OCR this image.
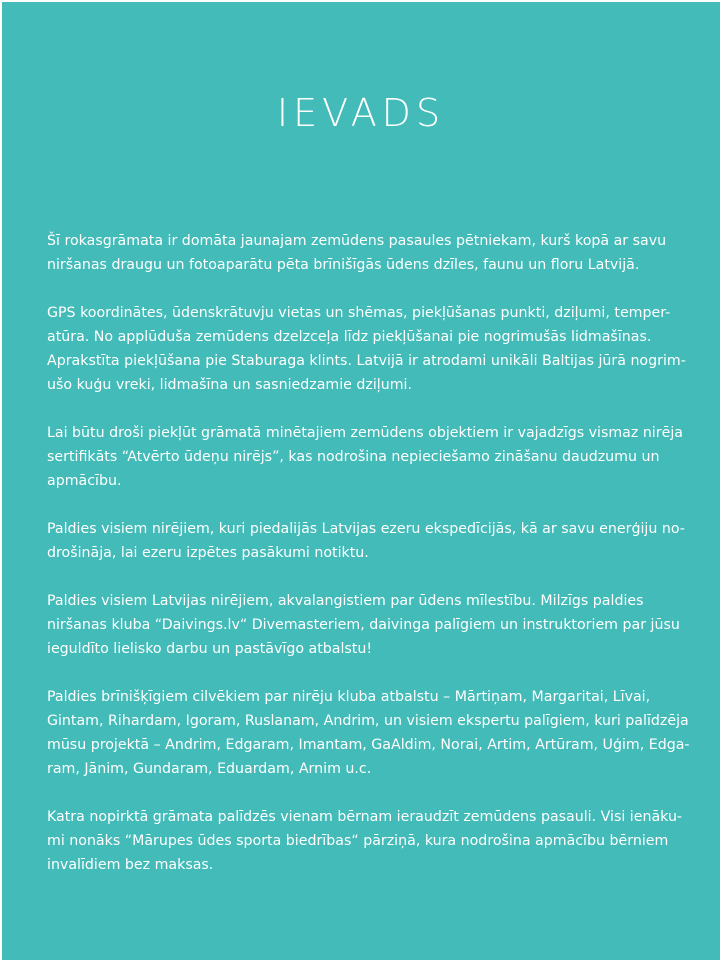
IEVADS

Šī rokasgrāmata ir domāta jaunajam zemūdens pasaules pētniekam, kurš kopā ar savu
niršanas draugu un fotoaparātu pēta brīnišīgās ūdens dzīles, faunu un floru Latvijā.

GPS koordinātes, ūdenskrātuvju vietas un shēmas, piekļūšanas punkti, dziļumi, temper-
atūra. No applūduša zemūdens dzelzceļa līdz piekļūšanai pie nogrimušās lidmašīnas.
Aprakstīta piekļūšana pie Staburaga klints. Latvijā ir atrodami unikāli Baltijas jūrā nogrim-
ušo kuģu vreki, lidmašīna un sasniedzamie dziļumi.

Lai būtu droši piekļūt grāmatā minētajiem zemūdens objektiem ir vajadzīgs vismaz nirēja
sertifikāts “Atvērto ūdeņu nirējs”, kas nodrošina nepieciešamo zināšanu daudzumu un
apmācību.

Paldies visiem nirējiem, kuri piedalijās Latvijas ezeru ekspedīcijās, kā ar savu enerģiju no-
drošināja, lai ezeru izpētes pasākumi notiktu.

Paldies visiem Latvijas nirējiem, akvalangistiem par ūdens mīlestību. Milzīgs paldies
niršanas kluba “Daivings.lv“ Divemasteriem, daivinga palīgiem un instruktoriem par jūsu
ieguldīto lielisko darbu un pastāvīgo atbalstu!

Paldies brīnišķīgiem cilvēkiem par nirēju kluba atbalstu – Mārtiņam, Margaritai, Līvai,
Gintam, Rihardam, Igoram, Ruslanam, Andrim, un visiem ekspertu palīgiem, kuri palīdzēja
mūsu projektā – Andrim, Edgaram, Imantam, GaAldim, Norai, Artim, Artūram, Uģim, Edga-
ram, Jānim, Gundaram, Eduardam, Arnim u.c.

Katra nopirktā grāmata palīdzēs vienam bērnam ieraudzīt zemūdens pasauli. Visi ienāku-
mi nonāks “Mārupes ūdes sporta biedrības“ pārziņā, kura nodrošina apmācību bērniem
invalīdiem bez maksas.
